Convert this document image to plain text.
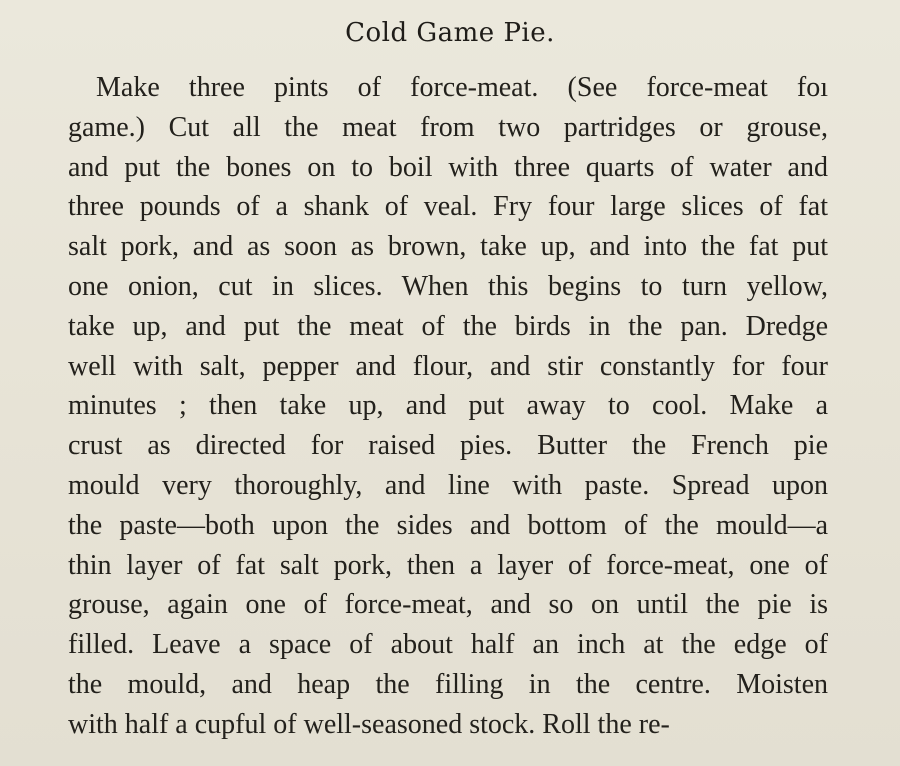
Cold Game Pie.
Make three pints of force-meat. (See force-meat foı
game.) Cut all the meat from two partridges or grouse,
and put the bones on to boil with three quarts of water and
three pounds of a shank of veal. Fry four large slices of fat
salt pork, and as soon as brown, take up, and into the fat put
one onion, cut in slices. When this begins to turn yellow,
take up, and put the meat of the birds in the pan. Dredge
well with salt, pepper and flour, and stir constantly for four
minutes ; then take up, and put away to cool. Make a
crust as directed for raised pies. Butter the French pie
mould very thoroughly, and line with paste. Spread upon
the paste—both upon the sides and bottom of the mould—a
thin layer of fat salt pork, then a layer of force-meat, one of
grouse, again one of force-meat, and so on until the pie is
filled. Leave a space of about half an inch at the edge of
the mould, and heap the filling in the centre. Moisten
with half a cupful of well-seasoned stock. Roll the re-
